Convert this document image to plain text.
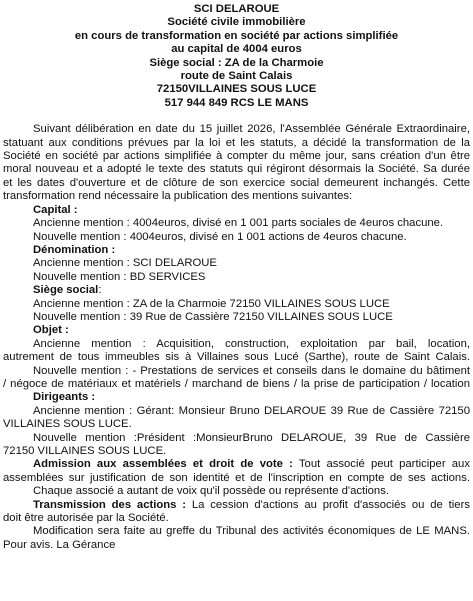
SCI DELAROUE
Société civile immobilière
en cours de transformation en société par actions simplifiée
au capital de 4004 euros
Siège social : ZA de la Charmoie
route de Saint Calais
72150VILLAINES SOUS LUCE
517 944 849 RCS LE MANS
Suivant délibération en date du 15 juillet 2026, l'Assemblée Générale Extraordinaire,
statuant aux conditions prévues par la loi et les statuts, a décidé la transformation de la
Société en société par actions simplifiée à compter du même jour, sans création d'un être
moral nouveau et a adopté le texte des statuts qui régiront désormais la Société. Sa durée
et les dates d'ouverture et de clôture de son exercice social demeurent inchangés. Cette
transformation rend nécessaire la publication des mentions suivantes:
Capital :
Ancienne mention : 4004euros, divisé en 1 001 parts sociales de 4euros chacune.
Nouvelle mention : 4004euros, divisé en 1 001 actions de 4euros chacune.
Dénomination :
Ancienne mention : SCI DELAROUE
Nouvelle mention : BD SERVICES
Siège social:
Ancienne mention : ZA de la Charmoie 72150 VILLAINES SOUS LUCE
Nouvelle mention : 39 Rue de Cassière 72150 VILLAINES SOUS LUCE
Objet :
Ancienne mention : Acquisition, construction, exploitation par bail, location,
autrement de tous immeubles sis à Villaines sous Lucé (Sarthe), route de Saint Calais.
Nouvelle mention : - Prestations de services et conseils dans le domaine du bâtiment
/ négoce de matériaux et matériels / marchand de biens / la prise de participation / location
Dirigeants :
Ancienne mention : Gérant: Monsieur Bruno DELAROUE 39 Rue de Cassière 72150
VILLAINES SOUS LUCE.
Nouvelle mention :Président :MonsieurBruno DELAROUE, 39 Rue de Cassière
72150 VILLAINES SOUS LUCE.
Admission aux assemblées et droit de vote : Tout associé peut participer aux
assemblées sur justification de son identité et de l'inscription en compte de ses actions.
Chaque associé a autant de voix qu'il possède ou représente d'actions.
Transmission des actions : La cession d'actions au profit d'associés ou de tiers
doit être autorisée par la Société.
Modification sera faite au greffe du Tribunal des activités économiques de LE MANS.
Pour avis. La Gérance
